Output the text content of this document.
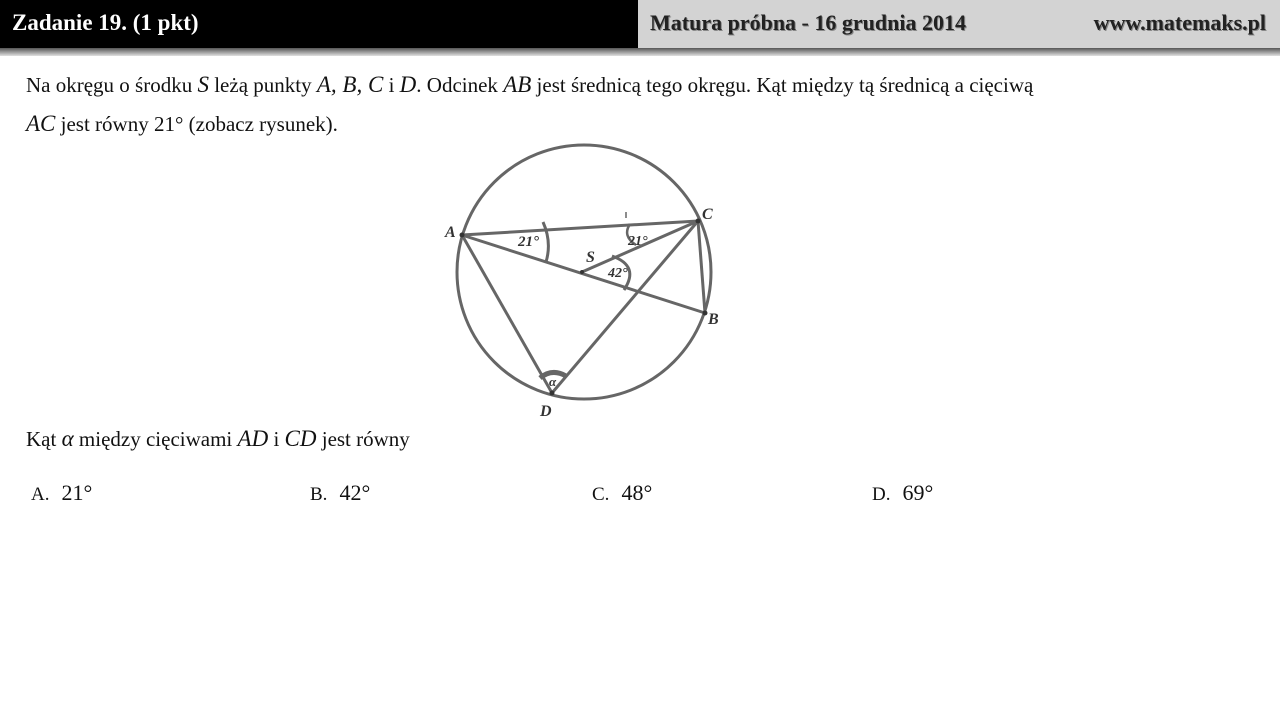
Zadanie 19. (1 pkt)	Matura próbna - 16 grudnia 2014	www.matemaks.pl
Na okręgu o środku S leżą punkty A, B, C i D. Odcinek AB jest średnicą tego okręgu. Kąt między tą średnicą a cięciwą
AC jest równy 21° (zobacz rysunek).
A
B
C
D
S
21°	21°
42°
α
Kąt α między cięciwami AD i CD jest równy
A. 21°	B. 42°	C. 48°	D. 69°
